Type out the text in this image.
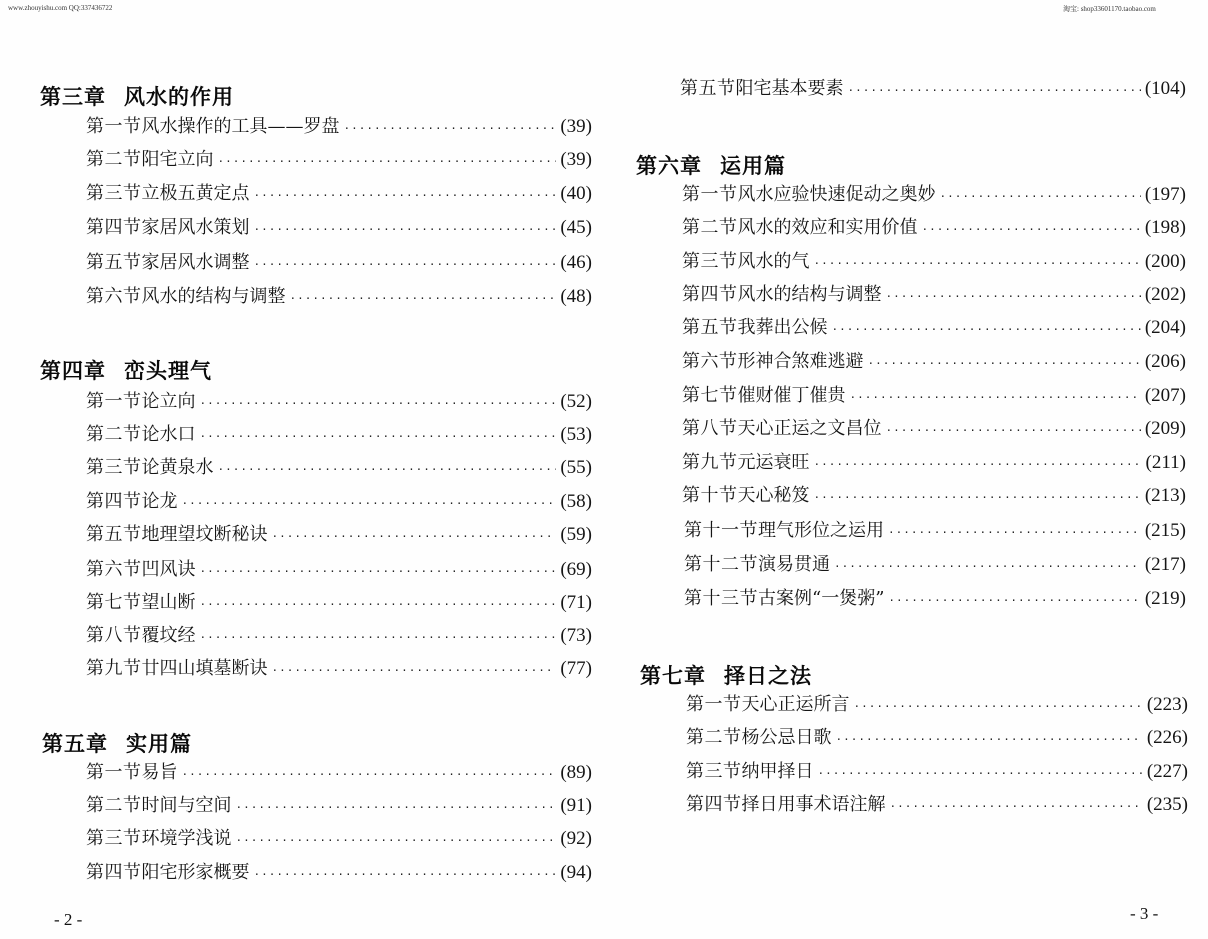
www.zhouyishu.com QQ:337436722	淘宝: shop33601170.taobao.com
第三章 风水的作用
第一节 风水操作的工具——罗盘 ·····	(39)
第二节 阳宅立向 ·····	(39)
第三节 立极五黄定点 ·····	(40)
第四节 家居风水策划 ·····	(45)
第五节 家居风水调整 ·····	(46)
第六节 风水的结构与调整 ·····	(48)
第四章 峦头理气
第一节 论立向 ·····	(52)
第二节 论水口 ·····	(53)
第三节 论黄泉水 ·····	(55)
第四节 论龙 ·····	(58)
第五节 地理望坟断秘诀 ·····	(59)
第六节 凹风诀 ·····	(69)
第七节 望山断 ·····	(71)
第八节 覆坟经 ·····	(73)
第九节 廿四山填墓断诀 ·····	(77)
第五章 实用篇
第一节 易旨 ·····	(89)
第二节 时间与空间 ·····	(91)
第三节 环境学浅说 ·····	(92)
第四节 阳宅形家概要 ·····	(94)
第五节 阳宅基本要素 ·····	(104)
第六章 运用篇
第一节 风水应验快速促动之奥妙 ·····	(197)
第二节 风水的效应和实用价值 ·····	(198)
第三节 风水的气 ·····	(200)
第四节 风水的结构与调整 ·····	(202)
第五节 我葬出公候 ·····	(204)
第六节 形神合煞难逃避 ·····	(206)
第七节 催财催丁催贵 ·····	(207)
第八节 天心正运之文昌位 ·····	(209)
第九节 元运衰旺 ·····	(211)
第十节 天心秘笈 ·····	(213)
第十一节 理气形位之运用 ·····	(215)
第十二节 演易贯通 ·····	(217)
第十三节 古案例“一煲粥” ·····	(219)
第七章 择日之法
第一节 天心正运所言 ·····	(223)
第二节 杨公忌日歌 ·····	(226)
第三节 纳甲择日 ·····	(227)
第四节 择日用事术语注解 ·····	(235)
- 2 -	- 3 -
